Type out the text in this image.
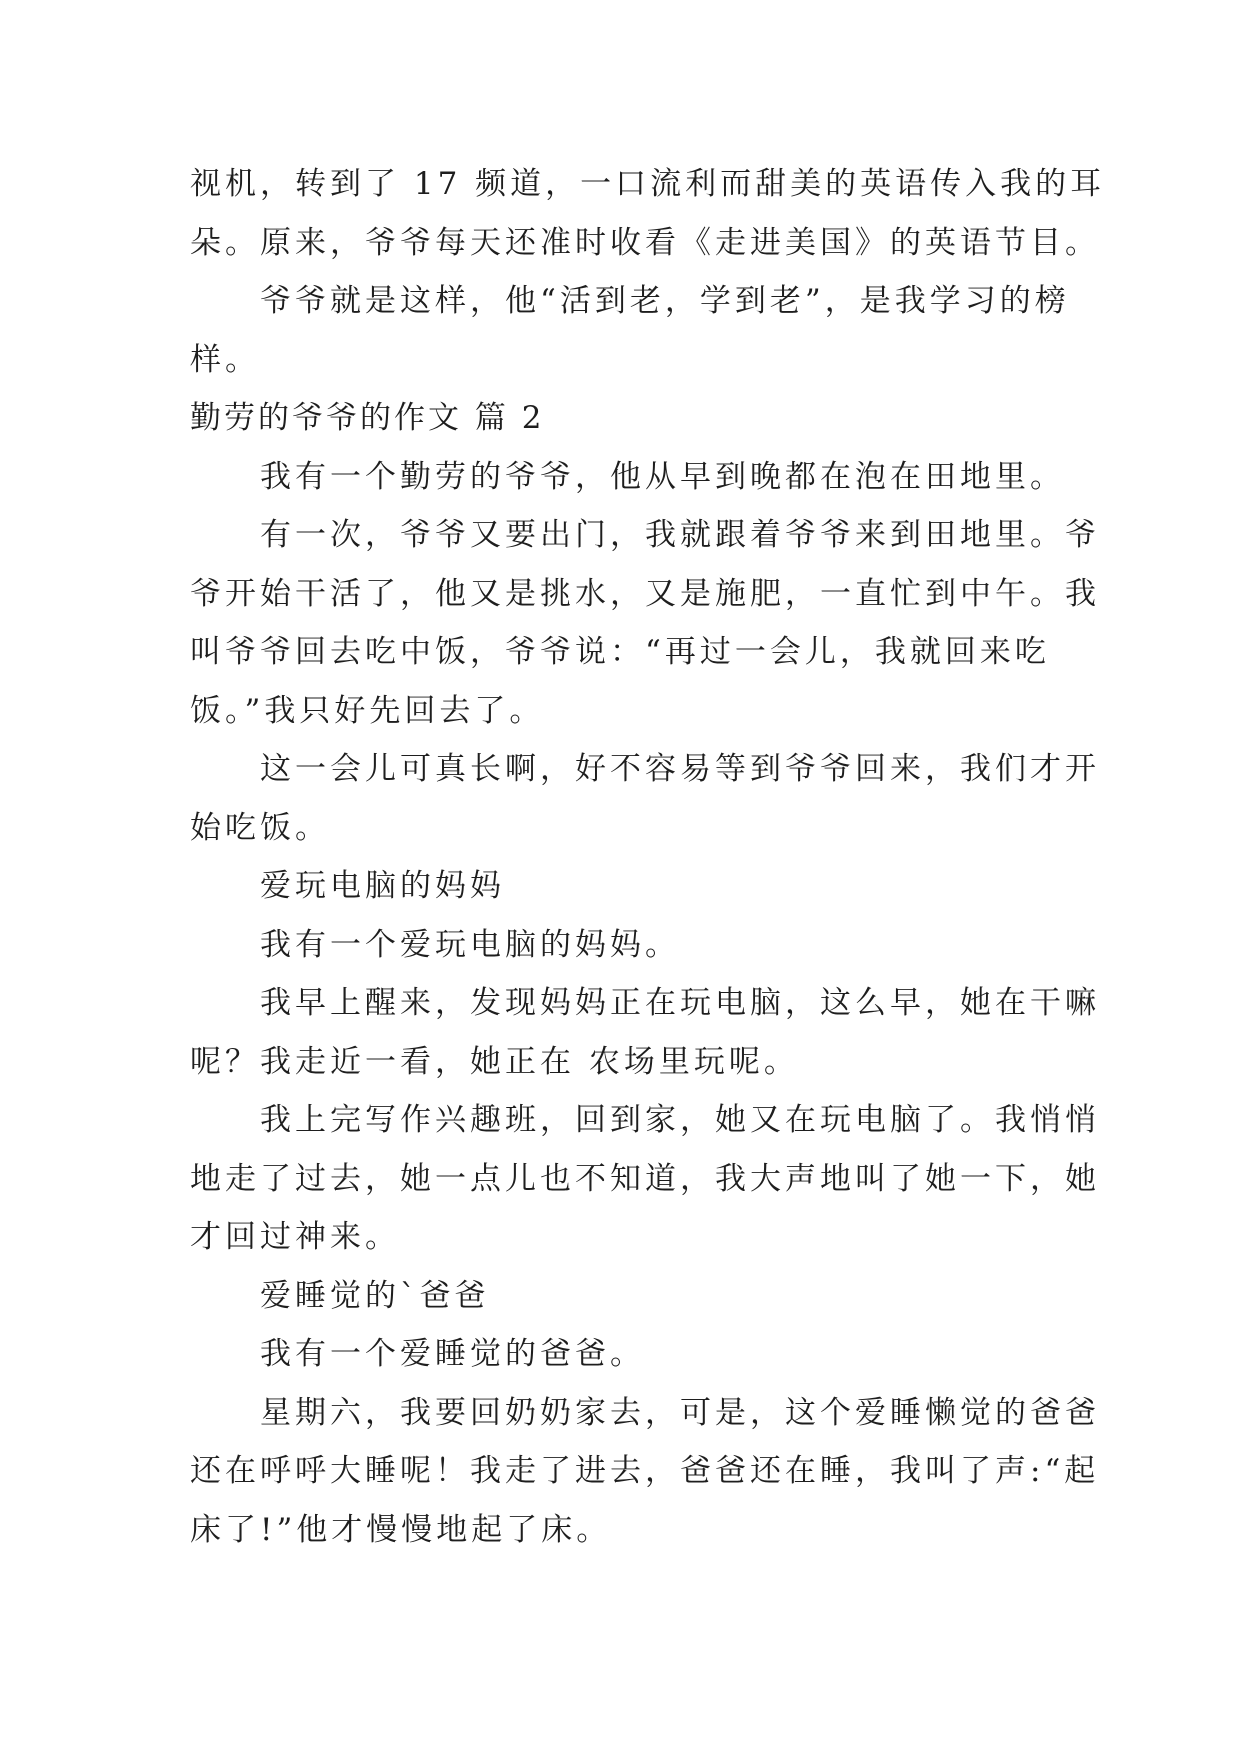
视机，转到了 17 频道，一口流利而甜美的英语传入我的耳
朵。原来，爷爷每天还准时收看《走进美国》的英语节目。
爷爷就是这样，他“活到老，学到老”，是我学习的榜
样。
勤劳的爷爷的作文 篇 2
我有一个勤劳的爷爷，他从早到晚都在泡在田地里。
有一次，爷爷又要出门，我就跟着爷爷来到田地里。爷
爷开始干活了，他又是挑水，又是施肥，一直忙到中午。我
叫爷爷回去吃中饭，爷爷说：“再过一会儿，我就回来吃
饭。”我只好先回去了。
这一会儿可真长啊，好不容易等到爷爷回来，我们才开
始吃饭。
爱玩电脑的妈妈
我有一个爱玩电脑的妈妈。
我早上醒来，发现妈妈正在玩电脑，这么早，她在干嘛
呢？我走近一看，她正在 农场里玩呢。
我上完写作兴趣班，回到家，她又在玩电脑了。我悄悄
地走了过去，她一点儿也不知道，我大声地叫了她一下，她
才回过神来。
爱睡觉的`爸爸
我有一个爱睡觉的爸爸。
星期六，我要回奶奶家去，可是，这个爱睡懒觉的爸爸
还在呼呼大睡呢！我走了进去，爸爸还在睡，我叫了声:“起
床了!”他才慢慢地起了床。
